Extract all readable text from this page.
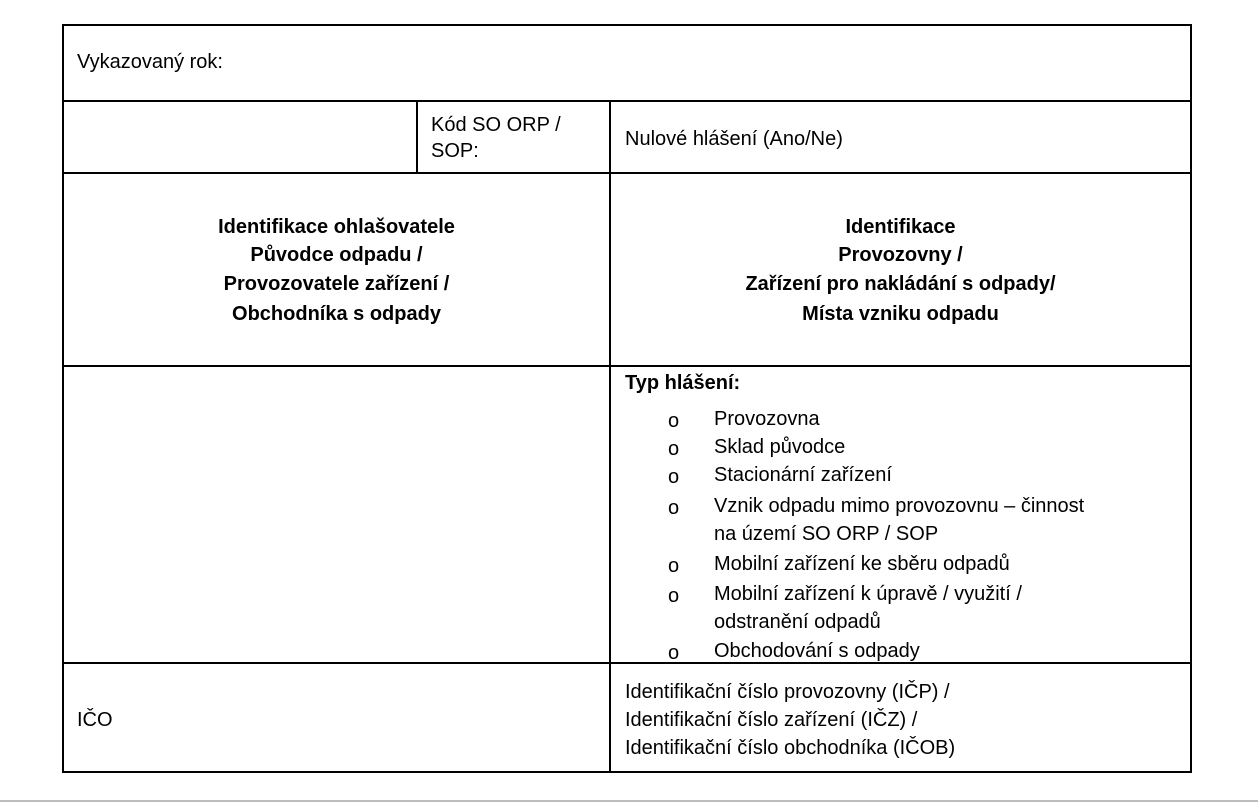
Vykazovaný rok:
Kód SO ORP /
SOP:
Nulové hlášení (Ano/Ne)
Identifikace ohlašovatele
Původce odpadu /
Provozovatele zařízení /
Obchodníka s odpady
Identifikace
Provozovny /
Zařízení pro nakládání s odpady/
Místa vzniku odpadu
Typ hlášení:
o Provozovna
o Sklad původce
o Stacionární zařízení
o Vznik odpadu mimo provozovnu – činnost
na území SO ORP / SOP
o Mobilní zařízení ke sběru odpadů
o Mobilní zařízení k úpravě / využití /
odstranění odpadů
o Obchodování s odpady
IČO
Identifikační číslo provozovny (IČP) /
Identifikační číslo zařízení (IČZ) /
Identifikační číslo obchodníka (IČOB)
